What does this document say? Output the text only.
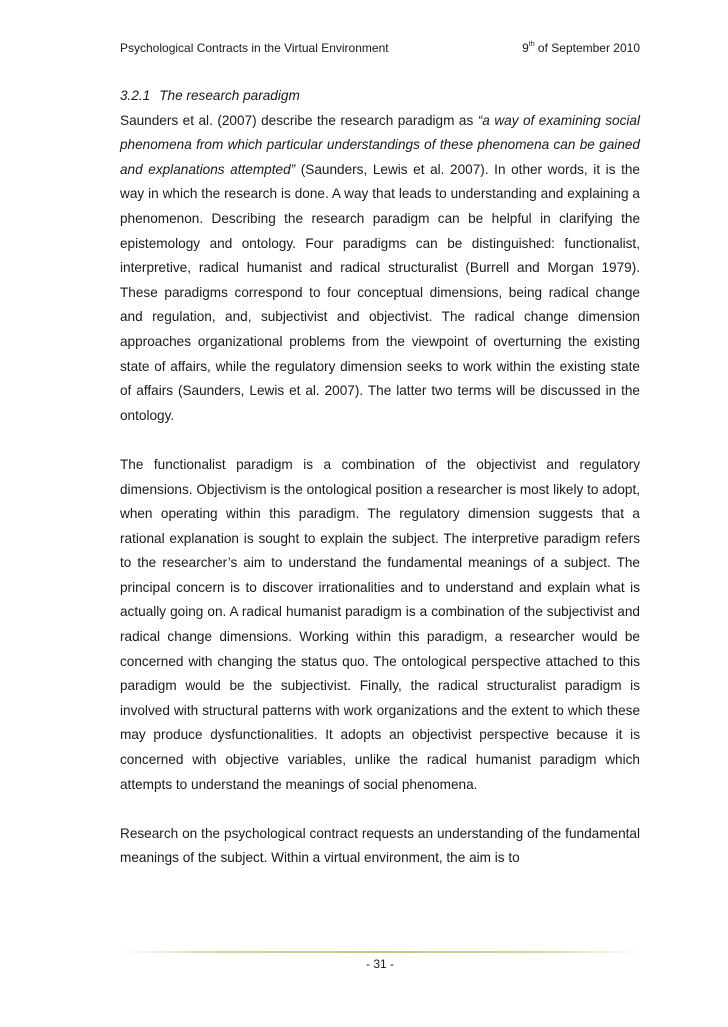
Psychological Contracts in the Virtual Environment	9th of September 2010

3.2.1 The research paradigm

Saunders et al. (2007) describe the research paradigm as “a way of examining social phenomena from which particular understandings of these phenomena can be gained and explanations attempted” (Saunders, Lewis et al. 2007). In other words, it is the way in which the research is done. A way that leads to understanding and explaining a phenomenon. Describing the research paradigm can be helpful in clarifying the epistemology and ontology. Four paradigms can be distinguished: functionalist, interpretive, radical humanist and radical structuralist (Burrell and Morgan 1979). These paradigms correspond to four conceptual dimensions, being radical change and regulation, and, subjectivist and objectivist. The radical change dimension approaches organizational problems from the viewpoint of overturning the existing state of affairs, while the regulatory dimension seeks to work within the existing state of affairs (Saunders, Lewis et al. 2007). The latter two terms will be discussed in the ontology.

The functionalist paradigm is a combination of the objectivist and regulatory dimensions. Objectivism is the ontological position a researcher is most likely to adopt, when operating within this paradigm. The regulatory dimension suggests that a rational explanation is sought to explain the subject. The interpretive paradigm refers to the researcher’s aim to understand the fundamental meanings of a subject. The principal concern is to discover irrationalities and to understand and explain what is actually going on. A radical humanist paradigm is a combination of the subjectivist and radical change dimensions. Working within this paradigm, a researcher would be concerned with changing the status quo. The ontological perspective attached to this paradigm would be the subjectivist. Finally, the radical structuralist paradigm is involved with structural patterns with work organizations and the extent to which these may produce dysfunctionalities. It adopts an objectivist perspective because it is concerned with objective variables, unlike the radical humanist paradigm which attempts to understand the meanings of social phenomena.

Research on the psychological contract requests an understanding of the fundamental meanings of the subject. Within a virtual environment, the aim is to

- 31 -
